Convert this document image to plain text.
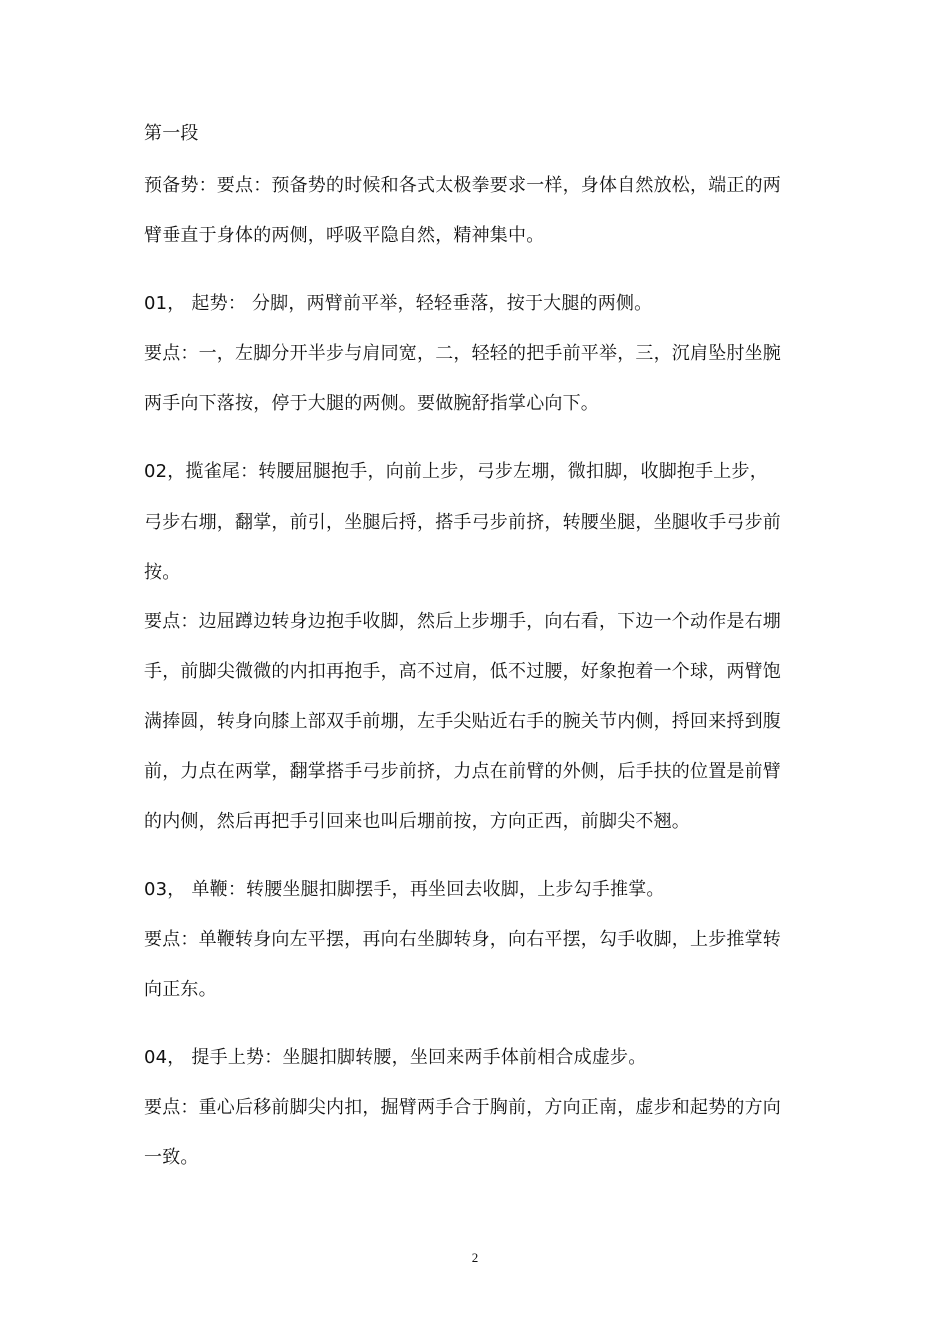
第一段
预备势：要点：预备势的时候和各式太极拳要求一样，身体自然放松，端正的两
臂垂直于身体的两侧，呼吸平隐自然，精神集中。
01， 起势： 分脚，两臂前平举，轻轻垂落，按于大腿的两侧。
要点：一，左脚分开半步与肩同宽，二，轻轻的把手前平举，三，沉肩坠肘坐腕
两手向下落按，停于大腿的两侧。要做腕舒指掌心向下。
02，揽雀尾：转腰屈腿抱手，向前上步，弓步左堋，微扣脚，收脚抱手上步，
弓步右堋，翻掌，前引，坐腿后捋，搭手弓步前挤，转腰坐腿，坐腿收手弓步前
按。
要点：边屈蹲边转身边抱手收脚，然后上步堋手，向右看，下边一个动作是右堋
手，前脚尖微微的内扣再抱手，高不过肩，低不过腰，好象抱着一个球，两臂饱
满捧圆，转身向膝上部双手前堋，左手尖贴近右手的腕关节内侧，捋回来捋到腹
前，力点在两掌，翻掌搭手弓步前挤，力点在前臂的外侧，后手扶的位置是前臂
的内侧，然后再把手引回来也叫后堋前按，方向正西，前脚尖不翘。
03， 单鞭：转腰坐腿扣脚摆手，再坐回去收脚，上步勾手推掌。
要点：单鞭转身向左平摆，再向右坐脚转身，向右平摆，勾手收脚，上步推掌转
向正东。
04， 提手上势：坐腿扣脚转腰，坐回来两手体前相合成虚步。
要点：重心后移前脚尖内扣，掘臂两手合于胸前，方向正南，虚步和起势的方向
一致。
2
